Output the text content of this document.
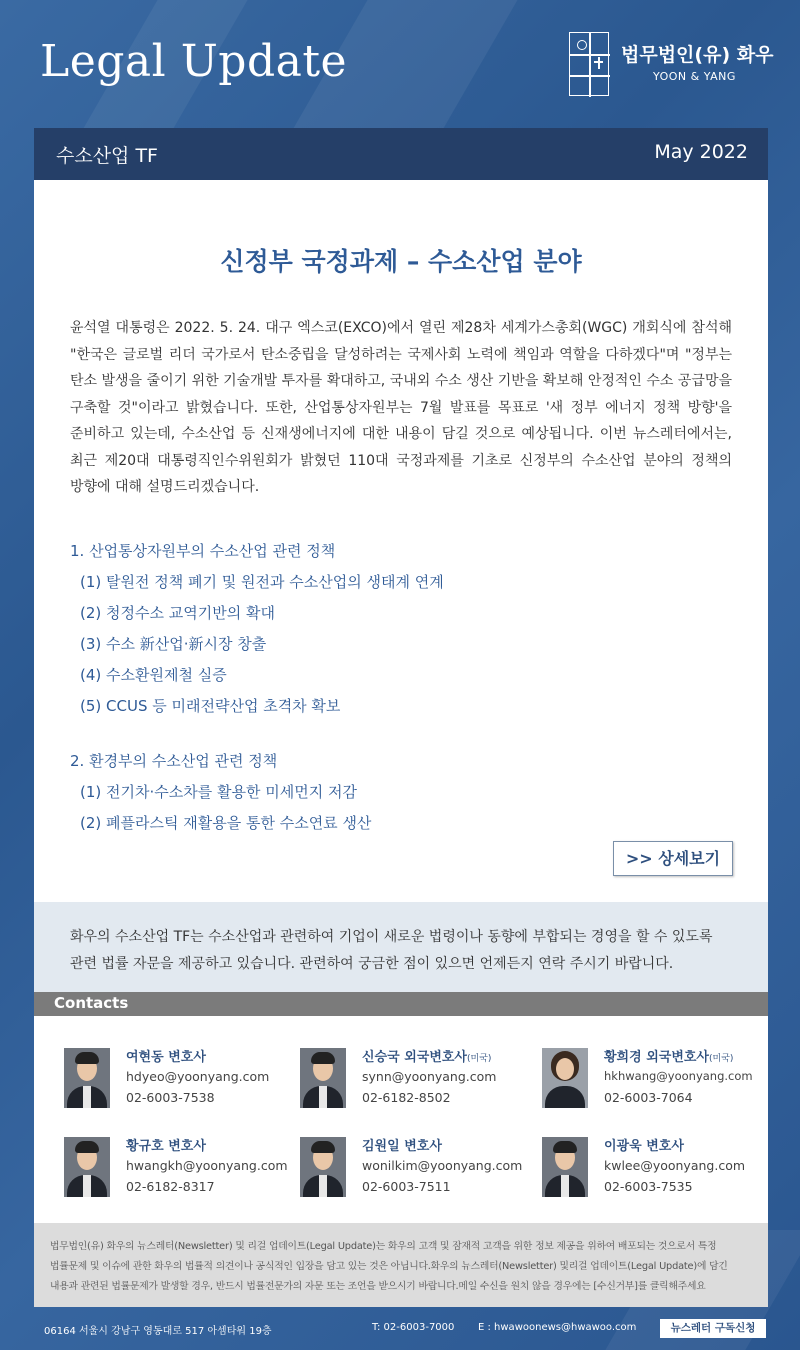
Legal Update	법무법인(유) 화우
YOON & YANG
수소산업 TF	May 2022
신정부 국정과제 – 수소산업 분야
윤석열 대통령은 2022. 5. 24. 대구 엑스코(EXCO)에서 열린 제28차 세계가스총회(WGC) 개회식에 참석해 "한국은 글로벌 리더 국가로서 탄소중립을 달성하려는 국제사회 노력에 책임과 역할을 다하겠다"며 "정부는 탄소 발생을 줄이기 위한 기술개발 투자를 확대하고, 국내외 수소 생산 기반을 확보해 안정적인 수소 공급망을 구축할 것"이라고 밝혔습니다. 또한, 산업통상자원부는 7월 발표를 목표로 '새 정부 에너지 정책 방향'을 준비하고 있는데, 수소산업 등 신재생에너지에 대한 내용이 담길 것으로 예상됩니다. 이번 뉴스레터에서는, 최근 제20대 대통령직인수위원회가 밝혔던 110대 국정과제를 기초로 신정부의 수소산업 분야의 정책의 방향에 대해 설명드리겠습니다.
1. 산업통상자원부의 수소산업 관련 정책
(1) 탈원전 정책 폐기 및 원전과 수소산업의 생태계 연계
(2) 청정수소 교역기반의 확대
(3) 수소 新산업·新시장 창출
(4) 수소환원제철 실증
(5) CCUS 등 미래전략산업 초격차 확보
2. 환경부의 수소산업 관련 정책
(1) 전기차·수소차를 활용한 미세먼지 저감
(2) 폐플라스틱 재활용을 통한 수소연료 생산
>> 상세보기

화우의 수소산업 TF는 수소산업과 관련하여 기업이 새로운 법령이나 동향에 부합되는 경영을 할 수 있도록 관련 법률 자문을 제공하고 있습니다. 관련하여 궁금한 점이 있으면 언제든지 연락 주시기 바랍니다.

Contacts
여현동 변호사
hdyeo@yoonyang.com
02-6003-7538
신승국 외국변호사(미국)
synn@yoonyang.com
02-6182-8502
황희경 외국변호사(미국)
hkhwang@yoonyang.com
02-6003-7064
황규호 변호사
hwangkh@yoonyang.com
02-6182-8317
김원일 변호사
wonilkim@yoonyang.com
02-6003-7511
이광욱 변호사
kwlee@yoonyang.com
02-6003-7535

법무법인(유) 화우의 뉴스레터(Newsletter) 및 리걸 업데이트(Legal Update)는 화우의 고객 및 잠재적 고객을 위한 정보 제공을 위하여 배포되는 것으로서 특정 법률문제 및 이슈에 관한 화우의 법률적 의견이나 공식적인 입장을 담고 있는 것은 아닙니다.화우의 뉴스레터(Newsletter) 및리걸 업데이트(Legal Update)에 담긴 내용과 관련된 법률문제가 발생할 경우, 반드시 법률전문가의 자문 또는 조언을 받으시기 바랍니다.메일 수신을 원치 않을 경우에는 [수신거부]를 클릭해주세요

06164 서울시 강남구 영동대로 517 아셈타워 19층	T: 02-6003-7000 E : hwawoonews@hwawoo.com	뉴스레터 구독신청
